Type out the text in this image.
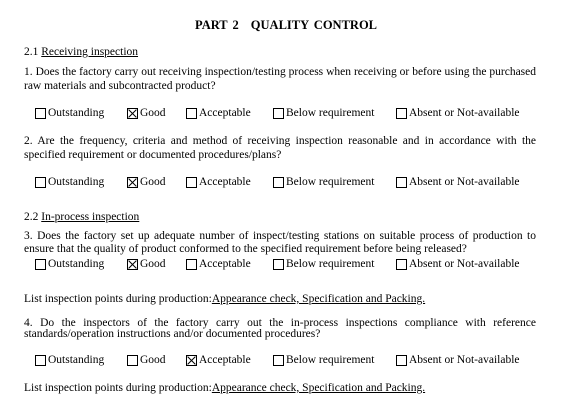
PART 2 QUALITY CONTROL
2.1 Receiving inspection
1. Does the factory carry out receiving inspection/testing process when receiving or before using the purchased raw materials and subcontracted product?
Outstanding	Good	Acceptable	Below requirement	Absent or Not-available
2. Are the frequency, criteria and method of receiving inspection reasonable and in accordance with the specified requirement or documented procedures/plans?
Outstanding	Good	Acceptable	Below requirement	Absent or Not-available
2.2 In-process inspection
3. Does the factory set up adequate number of inspect/testing stations on suitable process of production to ensure that the quality of product conformed to the specified requirement before being released?
Outstanding	Good	Acceptable	Below requirement	Absent or Not-available
List inspection points during production:Appearance check, Specification and Packing.
4. Do the inspectors of the factory carry out the in-process inspections compliance with reference standards/operation instructions and/or documented procedures?
Outstanding	Good	Acceptable	Below requirement	Absent or Not-available
List inspection points during production:Appearance check, Specification and Packing.
